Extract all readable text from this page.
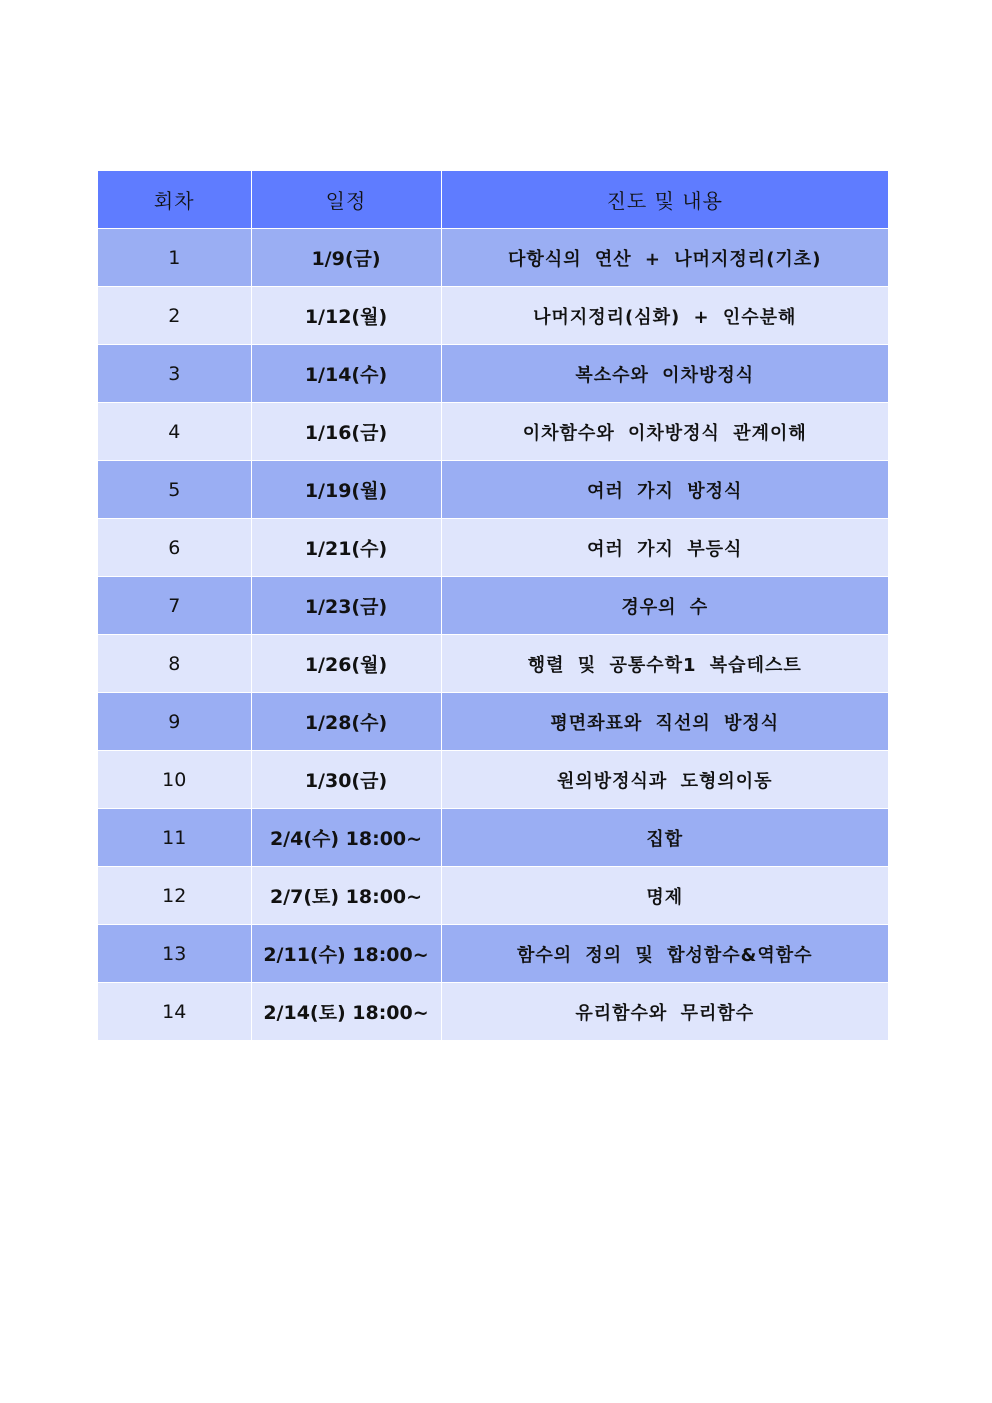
회차	일정	진도 및 내용
1	1/9(금)	다항식의 연산 + 나머지정리(기초)
2	1/12(월)	나머지정리(심화) + 인수분해
3	1/14(수)	복소수와 이차방정식
4	1/16(금)	이차함수와 이차방정식 관계이해
5	1/19(월)	여러 가지 방정식
6	1/21(수)	여러 가지 부등식
7	1/23(금)	경우의 수
8	1/26(월)	행렬 및 공통수학1 복습테스트
9	1/28(수)	평면좌표와 직선의 방정식
10	1/30(금)	원의방정식과 도형의이동
11	2/4(수) 18:00~	집합
12	2/7(토) 18:00~	명제
13	2/11(수) 18:00~	함수의 정의 및 합성함수&역함수
14	2/14(토) 18:00~	유리함수와 무리함수
